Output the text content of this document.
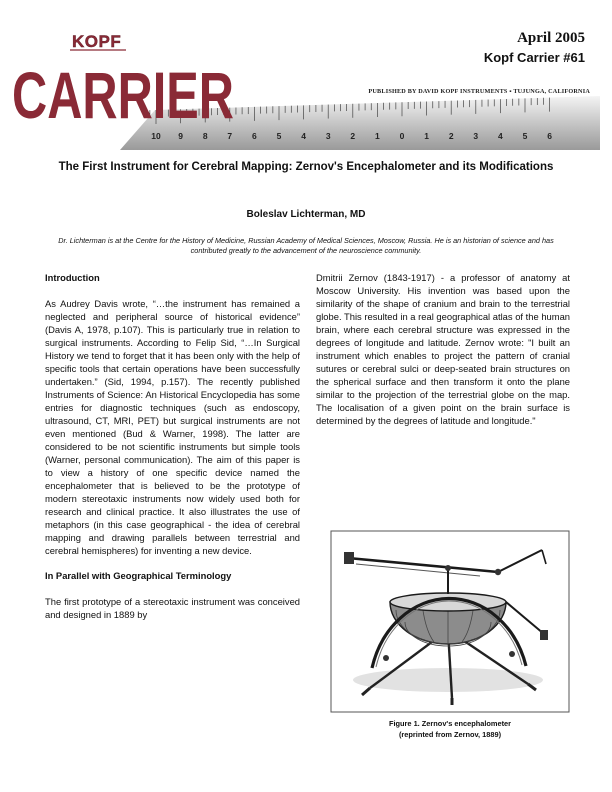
10 9 8 7 6 5 4 3 2 1 0 1 2 3 4 5 6
KOPF
CARRIER
April 2005
Kopf Carrier #61
PUBLISHED BY DAVID KOPF INSTRUMENTS ▪ TUJUNGA, CALIFORNIA
The First Instrument for Cerebral Mapping: Zernov's Encephalometer and its Modifications
Boleslav Lichterman, MD
Dr. Lichterman is at the Centre for the History of Medicine, Russian Academy of Medical Sciences, Moscow, Russia. He is an historian of science and has contributed greatly to the advancement of the neuroscience community.
Introduction

As Audrey Davis wrote, “…the instrument has remained a neglected and peripheral source of historical evidence” (Davis A, 1978, p.107). This is particularly true in relation to surgical instruments. According to Felip Sid, “…In Surgical History we tend to forget that it has been only with the help of specific tools that certain operations have been successfully undertaken.” (Sid, 1994, p.157). The recently published Instruments of Science: An Historical Encyclopedia has some entries for diagnostic techniques (such as endoscopy, ultrasound, CT, MRI, PET) but surgical instruments are not even mentioned (Bud & Warner, 1998). The latter are considered to be not scientific instruments but simple tools (Warner, personal communication). The aim of this paper is to view a history of one specific device named the encephalometer that is believed to be the prototype of modern stereotaxic instruments now widely used both for research and clinical practice. It also illustrates the use of metaphors (in this case geographical - the idea of cerebral mapping and drawing parallels between terrestrial and cerebral hemispheres) for inventing a new device.

In Parallel with Geographical Terminology

The first prototype of a stereotaxic instrument was conceived and designed in 1889 by

Dmitrii Zernov (1843-1917) - a professor of anatomy at Moscow University. His invention was based upon the similarity of the shape of cranium and brain to the terrestrial globe. This resulted in a real geographical atlas of the human brain, where each cerebral structure was expressed in the degrees of longitude and latitude. Zernov wrote: "I built an instrument which enables to project the pattern of cranial sutures or cerebral sulci or deep-seated brain structures on the spherical surface and then transform it onto the plane similar to the projection of the terrestrial globe on the map. The localisation of a given point on the brain surface is determined by the degrees of latitude and longitude."

Figure 1. Zernov's encephalometer
(reprinted from Zernov, 1889)
